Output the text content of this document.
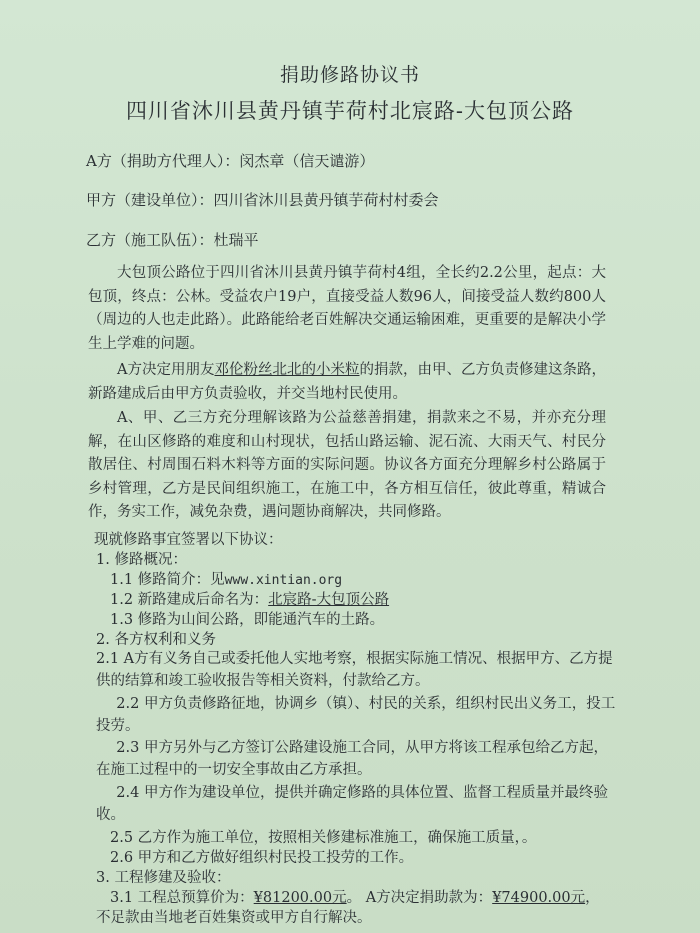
捐助修路协议书
四川省沐川县黄丹镇芋荷村北宸路-大包顶公路
A方（捐助方代理人）：闵杰章（信天谴游）
甲方（建设单位）：四川省沐川县黄丹镇芋荷村村委会
乙方（施工队伍）：杜瑞平
大包顶公路位于四川省沐川县黄丹镇芋荷村4组，全长约2.2公里，起点：大包顶，终点：公林。受益农户19户，直接受益人数96人，间接受益人数约800人（周边的人也走此路）。此路能给老百姓解决交通运输困难，更重要的是解决小学生上学难的问题。
A方决定用朋友邓伦粉丝北北的小米粒的捐款，由甲、乙方负责修建这条路，新路建成后由甲方负责验收，并交当地村民使用。
A、甲、乙三方充分理解该路为公益慈善捐建，捐款来之不易，并亦充分理解，在山区修路的难度和山村现状，包括山路运输、泥石流、大雨天气、村民分散居住、村周围石料木料等方面的实际问题。协议各方面充分理解乡村公路属于乡村管理，乙方是民间组织施工，在施工中，各方相互信任，彼此尊重，精诚合作，务实工作，减免杂费，遇问题协商解决，共同修路。
现就修路事宜签署以下协议：
1. 修路概况：
1.1 修路简介：见www.xintian.org
1.2 新路建成后命名为：北宸路-大包顶公路
1.3 修路为山间公路，即能通汽车的土路。
2. 各方权利和义务
2.1 A方有义务自己或委托他人实地考察，根据实际施工情况、根据甲方、乙方提供的结算和竣工验收报告等相关资料，付款给乙方。
2.2 甲方负责修路征地，协调乡（镇）、村民的关系，组织村民出义务工，投工投劳。
2.3 甲方另外与乙方签订公路建设施工合同，从甲方将该工程承包给乙方起，在施工过程中的一切安全事故由乙方承担。
2.4 甲方作为建设单位，提供并确定修路的具体位置、监督工程质量并最终验收。
2.5 乙方作为施工单位，按照相关修建标准施工，确保施工质量，。
2.6 甲方和乙方做好组织村民投工投劳的工作。
3. 工程修建及验收：
3.1 工程总预算价为：¥81200.00元。 A方决定捐助款为：¥74900.00元，
不足款由当地老百姓集资或甲方自行解决。
